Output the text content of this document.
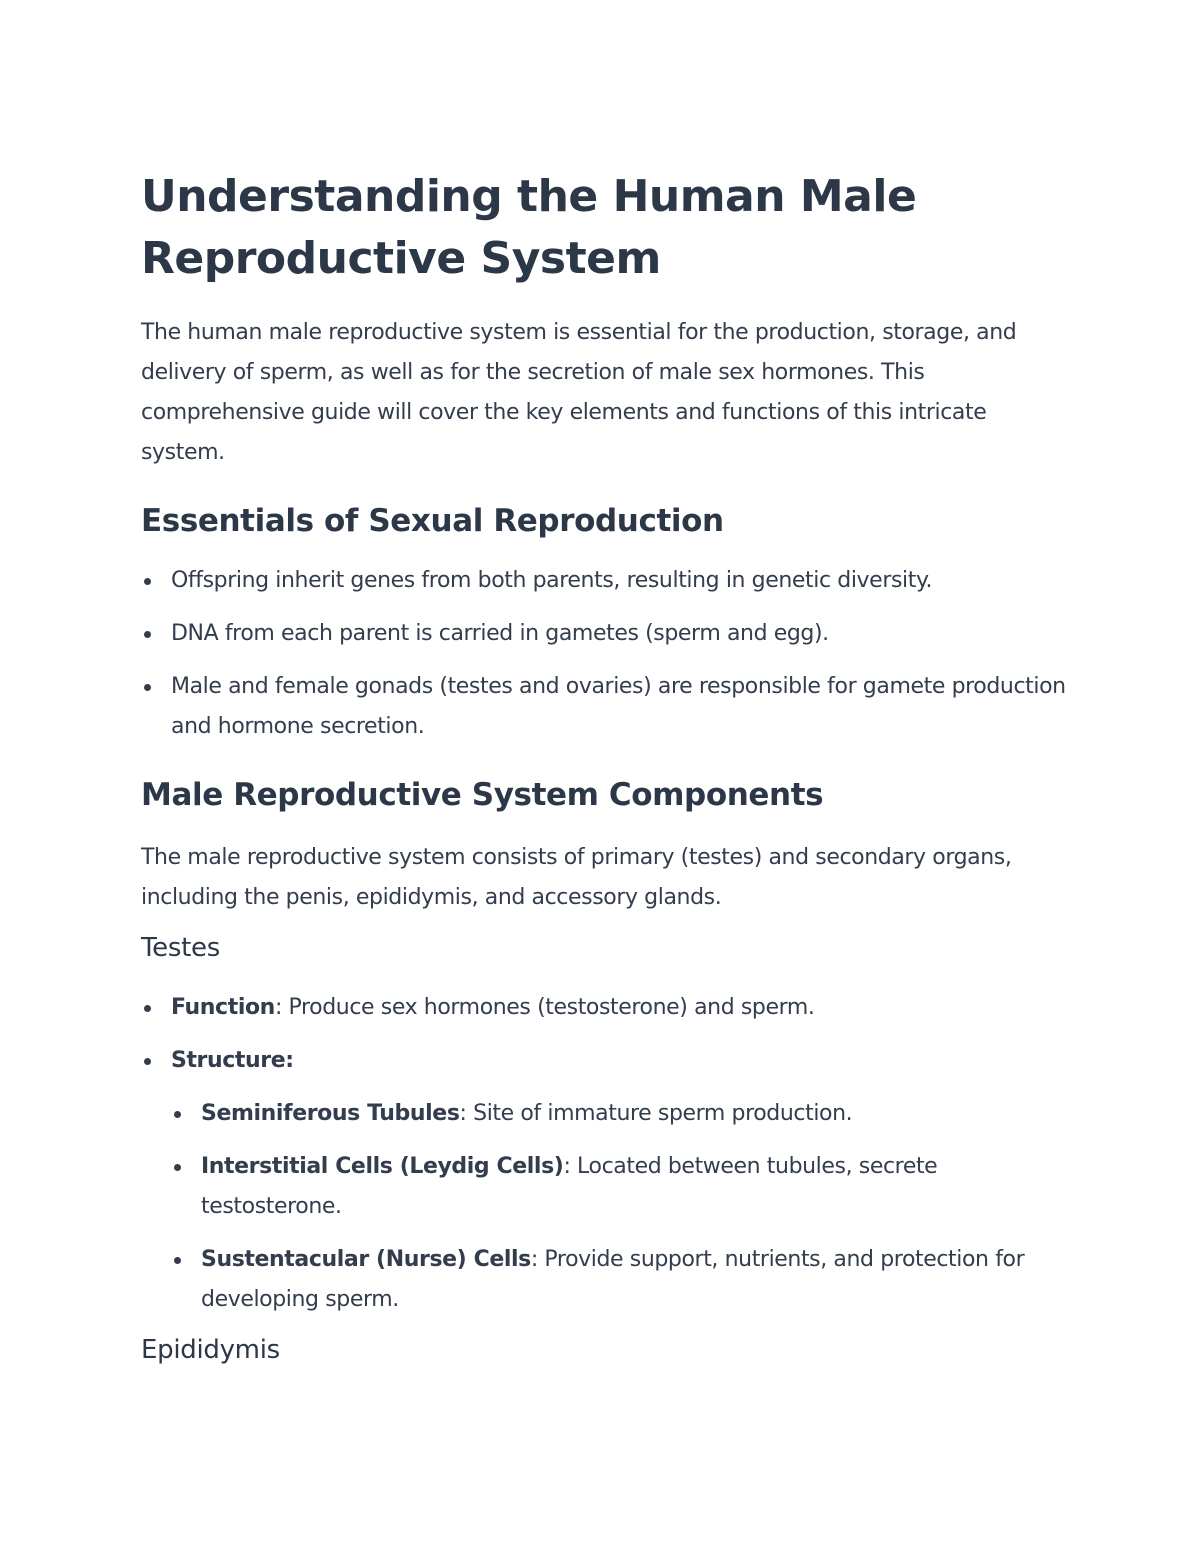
Understanding the Human Male Reproductive System

The human male reproductive system is essential for the production, storage, and delivery of sperm, as well as for the secretion of male sex hormones. This comprehensive guide will cover the key elements and functions of this intricate system.

Essentials of Sexual Reproduction
Offspring inherit genes from both parents, resulting in genetic diversity.
DNA from each parent is carried in gametes (sperm and egg).
Male and female gonads (testes and ovaries) are responsible for gamete production and hormone secretion.
Male Reproductive System Components

The male reproductive system consists of primary (testes) and secondary organs, including the penis, epididymis, and accessory glands.

Testes
Function: Produce sex hormones (testosterone) and sperm.
Structure:
Seminiferous Tubules: Site of immature sperm production.
Interstitial Cells (Leydig Cells): Located between tubules, secrete testosterone.
Sustentacular (Nurse) Cells: Provide support, nutrients, and protection for developing sperm.
Epididymis
